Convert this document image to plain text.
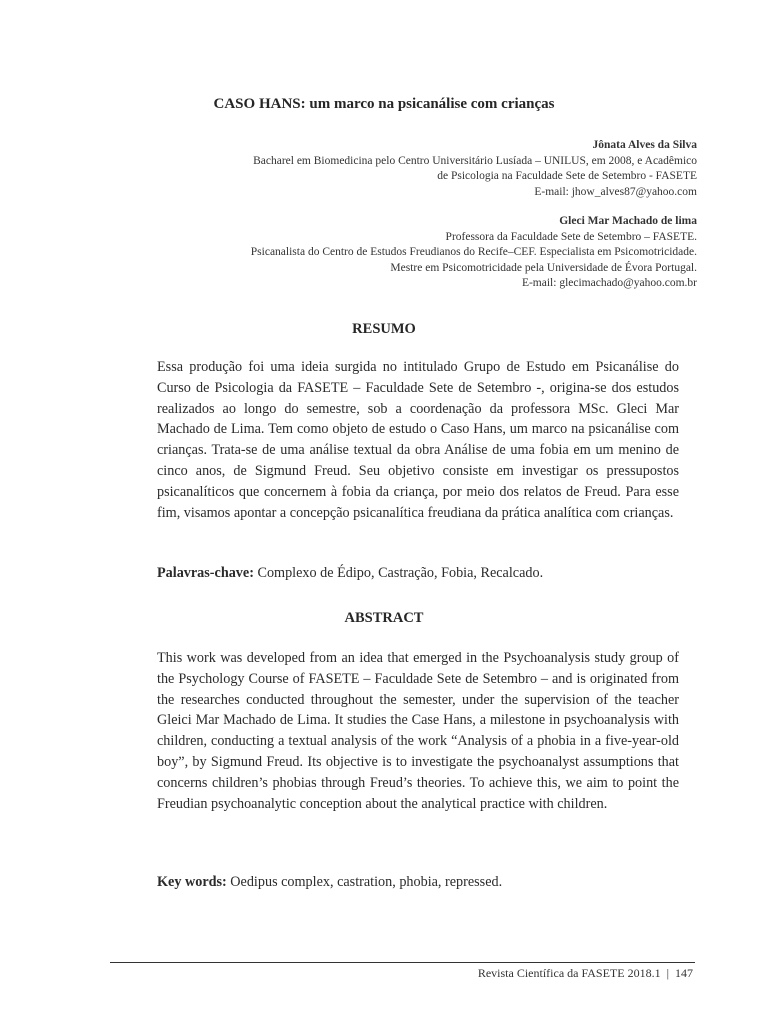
CASO HANS: um marco na psicanálise com crianças
Jônata Alves da Silva
Bacharel em Biomedicina pelo Centro Universitário Lusíada – UNILUS, em 2008, e Acadêmico
de Psicologia na Faculdade Sete de Setembro - FASETE
E-mail: jhow_alves87@yahoo.com
Gleci Mar Machado de lima
Professora da Faculdade Sete de Setembro – FASETE.
Psicanalista do Centro de Estudos Freudianos do Recife–CEF. Especialista em Psicomotricidade.
Mestre em Psicomotricidade pela Universidade de Évora Portugal.
E-mail: glecimachado@yahoo.com.br
RESUMO
Essa produção foi uma ideia surgida no intitulado Grupo de Estudo em Psicanálise do Curso de Psicologia da FASETE – Faculdade Sete de Setembro -, origina-se dos estudos realizados ao longo do semestre, sob a coordenação da professora MSc. Gleci Mar Machado de Lima. Tem como objeto de estudo o Caso Hans, um marco na psicanálise com crianças. Trata-se de uma análise textual da obra Análise de uma fobia em um menino de cinco anos, de Sigmund Freud. Seu objetivo consiste em investigar os pressupostos psicanalíticos que concernem à fobia da criança, por meio dos relatos de Freud. Para esse fim, visamos apontar a concepção psicanalítica freudiana da prática analítica com crianças.
Palavras-chave: Complexo de Édipo, Castração, Fobia, Recalcado.
ABSTRACT
This work was developed from an idea that emerged in the Psychoanalysis study group of the Psychology Course of FASETE – Faculdade Sete de Setembro – and is originated from the researches conducted throughout the semester, under the supervision of the teacher Gleici Mar Machado de Lima. It studies the Case Hans, a milestone in psychoanalysis with children, conducting a textual analysis of the work “Analysis of a phobia in a five-year-old boy”, by Sigmund Freud. Its objective is to investigate the psychoanalyst assumptions that concerns children’s phobias through Freud’s theories. To achieve this, we aim to point the Freudian psychoanalytic conception about the analytical practice with children.
Key words: Oedipus complex, castration, phobia, repressed.
Revista Científica da FASETE 2018.1 | 147
